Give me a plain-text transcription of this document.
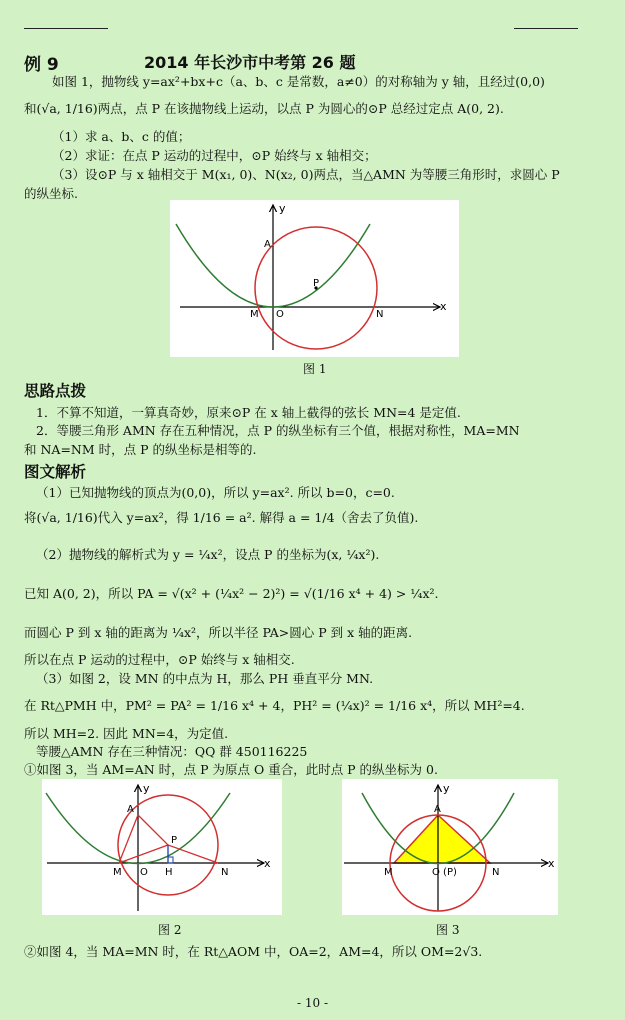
例 9	2014 年长沙市中考第 26 题
如图 1，抛物线 y=ax²+bx+c（a、b、c 是常数，a≠0）的对称轴为 y 轴，且经过(0,0)
和(√a, 1/16)两点，点 P 在该抛物线上运动，以点 P 为圆心的⊙P 总经过定点 A(0, 2).
（1）求 a、b、c 的值；
（2）求证：在点 P 运动的过程中，⊙P 始终与 x 轴相交；
（3）设⊙P 与 x 轴相交于 M(x₁, 0)、N(x₂, 0)两点，当△AMN 为等腰三角形时，求圆心 P
的纵坐标.
y
x
A
P
M O	N
图 1
思路点拨
1．不算不知道，一算真奇妙，原来⊙P 在 x 轴上截得的弦长 MN=4 是定值.
2．等腰三角形 AMN 存在五种情况，点 P 的纵坐标有三个值，根据对称性，MA=MN
和 NA=NM 时，点 P 的纵坐标是相等的.
图文解析
（1）已知抛物线的顶点为(0,0)，所以 y=ax². 所以 b=0，c=0.
将(√a, 1/16)代入 y=ax²，得 1/16 = a². 解得 a = 1/4（舍去了负值).
（2）抛物线的解析式为 y = ¼x²，设点 P 的坐标为(x, ¼x²).
已知 A(0, 2)，所以 PA = √(x² + (¼x² − 2)²) = √(1/16 x⁴ + 4) > ¼x².
而圆心 P 到 x 轴的距离为 ¼x²，所以半径 PA>圆心 P 到 x 轴的距离.
所以在点 P 运动的过程中，⊙P 始终与 x 轴相交.
（3）如图 2，设 MN 的中点为 H，那么 PH 垂直平分 MN.
在 Rt△PMH 中，PM² = PA² = 1/16 x⁴ + 4，PH² = (¼x)² = 1/16 x⁴，所以 MH²=4.
所以 MH=2. 因此 MN=4，为定值.
等腰△AMN 存在三种情况：QQ 群 450116225
①如图 3，当 AM=AN 时，点 P 为原点 O 重合，此时点 P 的纵坐标为 0.
y
x
A
P
M O H	N
图 2
y
x
A
M	O (P)	N
图 3
②如图 4，当 MA=MN 时，在 Rt△AOM 中，OA=2，AM=4，所以 OM=2√3.
- 10 -
